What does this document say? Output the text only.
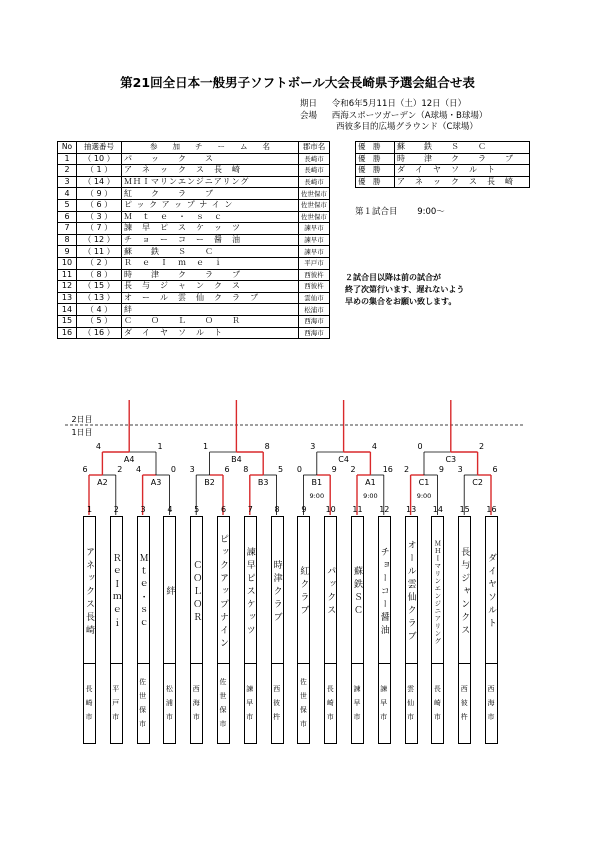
第21回全日本一般男子ソフトボール大会長崎県予選会組合せ表
期日 令和6年5月11日（土）12日（日）
会場 西海スポーツガーデン（A球場・B球場）
西彼多目的広場グラウンド（C球場）
No	抽選番号	参　　加　　チ　　ー　　ム　　名	郡市名
1	（ 10 ）	パ　　ッ　　ク　　ス	長崎市
2	（ 1 ）	ア　ネ　ッ　ク　ス　長　崎	長崎市
3	（ 14 ）	ＭＨＩマリンエンジニアリング	長崎市
4	（ 9 ）	紅　　ク　　ラ　　ブ	佐世保市
5	（ 6 ）	ピ ッ ク ア ッ プ ナ イ ン	佐世保市
6	（ 3 ）	Ｍ　ｔ　ｅ　・　ｓ　ｃ	佐世保市
7	（ 7 ）	諫　早　ピ　ス　ケ　ッ　ツ	諫早市
8	（ 12 ）	チ　ョ　ー　コ　ー　醤　油	諫早市
9	（ 11 ）	蘇　　鉄　　Ｓ　　Ｃ	諫早市
10	（ 2 ）	Ｒ　ｅ　Ｉ　ｍ　ｅ　ｉ	平戸市
11	（ 8 ）	時　　津　　ク　　ラ　　ブ	西彼杵
12	（ 15 ）	長　与　ジ　ャ　ン　ク　ス	西彼杵
13	（ 13 ）	オ　ー　ル　雲　仙　ク　ラ　ブ	雲仙市
14	（ 4 ）	絆	松浦市
15	（ 5 ）	Ｃ　　Ｏ　　Ｌ　　Ｏ　　Ｒ	西海市
16	（ 16 ）	ダ　イ　ヤ　ソ　ル　ト	西海市
優　勝	蘇　　鉄　　Ｓ　　Ｃ
優　勝	時　　津　　ク　　ラ　　ブ
優　勝	ダ　イ　ヤ　ソ　ル　ト
優　勝	ア　ネ　ッ　ク　ス　長　崎
第１試合目　　 9:00～
２試合目以降は前の試合が
終了次第行います、遅れないよう
早めの集合をお願い致します。
2日目
1日目
A2
6	2
A3
4	0
B2
3	6
B3
8	5
B1
0	9
9:00
A1
2	16
9:00
C1
2	9
9:00
C2
3	6
A4
4	1
B4
1	8
C4
3	4
C3
0	2
1
アネックス長崎
長崎市
2
ＲｅＩｍｅｉ
平戸市
3
Ｍｔｅ・ｓｃ
佐世保市
4
絆
松浦市
5
ＣＯＬＯＲ
西海市
6
ピックアップナイン
佐世保市
7
諫早ピスケッツ
諫早市
8
時津クラブ
西彼杵
9
紅クラブ
佐世保市
10
パックス
長崎市
11
蘇鉄ＳＣ
諫早市
12
チョーコー醤油
諫早市
13
オール雲仙クラブ
雲仙市
14
ＭＨＩマリンエンジニアリング
長崎市
15
長与ジャンクス
西彼杵
16
ダイヤソルト
西海市
